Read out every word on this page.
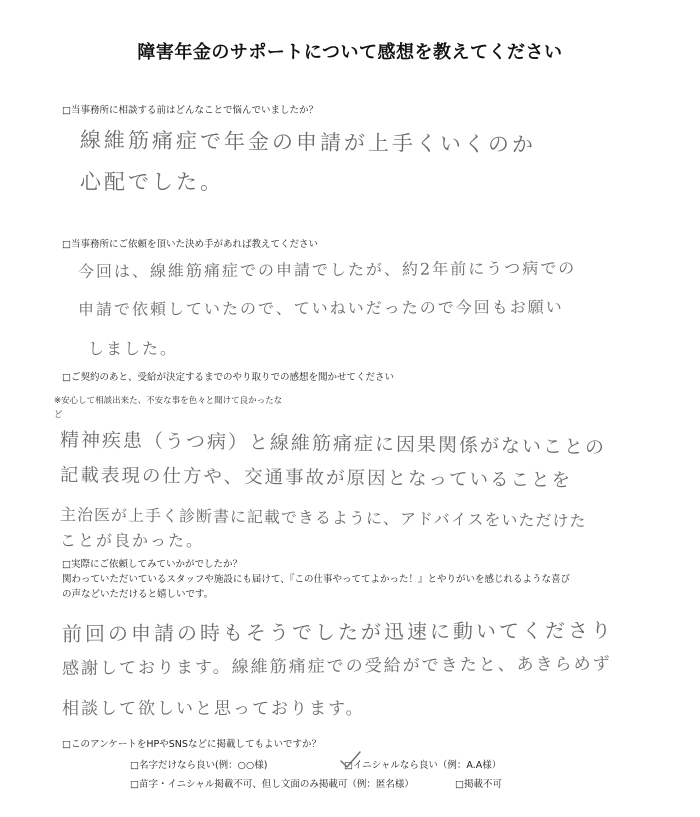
障害年金のサポートについて感想を教えてください
□当事務所に相談する前はどんなことで悩んでいましたか？
線維筋痛症で年金の申請が上手くいくのか
心配でした。
□当事務所にご依頼を頂いた決め手があれば教えてください
今回は、線維筋痛症での申請でしたが、約2年前にうつ病での
申請で依頼していたので、ていねいだったので今回もお願い
しました。
□ご契約のあと、受給が決定するまでのやり取りでの感想を聞かせてください
※安心して相談出来た、不安な事を色々と聞けて良かったな
ど
精神疾患（うつ病）と線維筋痛症に因果関係がないことの
記載表現の仕方や、交通事故が原因となっていることを
主治医が上手く診断書に記載できるように、アドバイスをいただけた
ことが良かった。
□実際にご依頼してみていかがでしたか？
関わっていただいているスタッフや施設にも届けて、『この仕事やっててよかった！』とやりがいを感じれるような喜び
の声などいただけると嬉しいです。
前回の申請の時もそうでしたが迅速に動いてくださり
感謝しております。線維筋痛症での受給ができたと、あきらめず
相談して欲しいと思っております。
□このアンケートをHPやSNSなどに掲載してもよいですか？
□名字だけなら良い(例：○○様)	□イニシャルなら良い（例：A.A様）
□苗字・イニシャル掲載不可、但し文面のみ掲載可（例：匿名様）	□掲載不可
